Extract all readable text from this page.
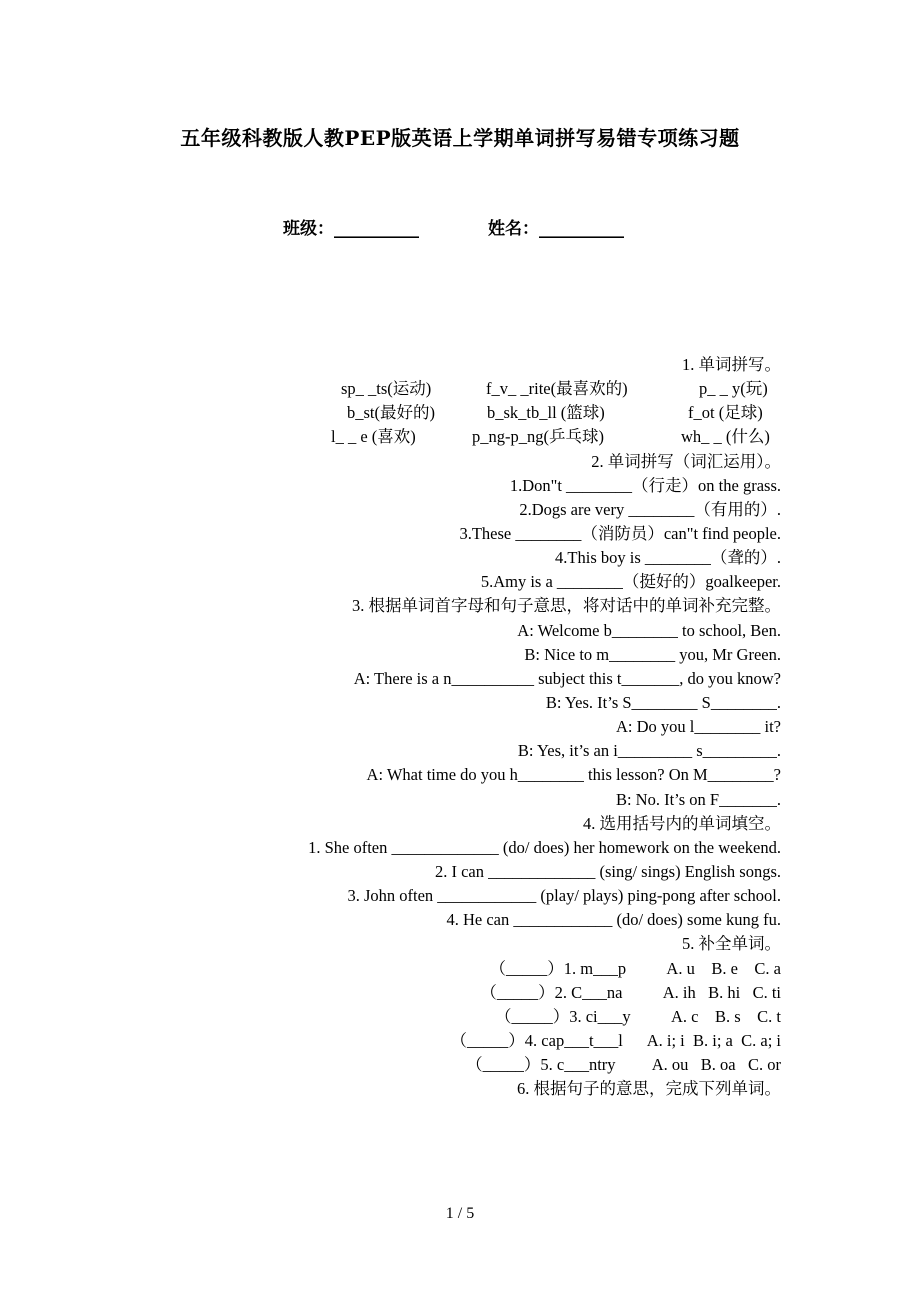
五年级科教版人教PEP版英语上学期单词拼写易错专项练习题
班级：__________	姓名：__________
1. 单词拼写。
sp_ _ts(运动)	f_v_ _rite(最喜欢的)	p_ _ y(玩)
b_st(最好的)	b_sk_tb_ll (篮球)	f_ot (足球)
l_ _ e (喜欢)	p_ng-p_ng(乒乓球)	wh_ _ (什么)
2. 单词拼写（词汇运用）。
1.Don"t ________（行走）on the grass.
2.Dogs are very ________（有用的）.
3.These ________（消防员）can"t find people.
4.This boy is ________（聋的）.
5.Amy is a ________（挺好的）goalkeeper.
3. 根据单词首字母和句子意思，将对话中的单词补充完整。
A: Welcome b________ to school, Ben.
B: Nice to m________ you, Mr Green.
A: There is a n__________ subject this t_______, do you know?
B: Yes. It’s S________ S________.
A: Do you l________ it?
B: Yes, it’s an i_________ s_________.
A: What time do you h________ this lesson? On M________?
B: No. It’s on F_______.
4. 选用括号内的单词填空。
1. She often _____________ (do/ does) her homework on the weekend.
2. I can _____________ (sing/ sings) English songs.
3. John often ____________ (play/ plays) ping-pong after school.
4. He can ____________ (do/ does) some kung fu.
5. 补全单词。
（_____）1. m___p          A. u    B. e    C. a
（_____）2. C___na          A. ih   B. hi   C. ti
（_____）3. ci___y          A. c    B. s    C. t
（_____）4. cap___t___l      A. i; i  B. i; a  C. a; i
（_____）5. c___ntry         A. ou   B. oa   C. or
6. 根据句子的意思，完成下列单词。
1 / 5
